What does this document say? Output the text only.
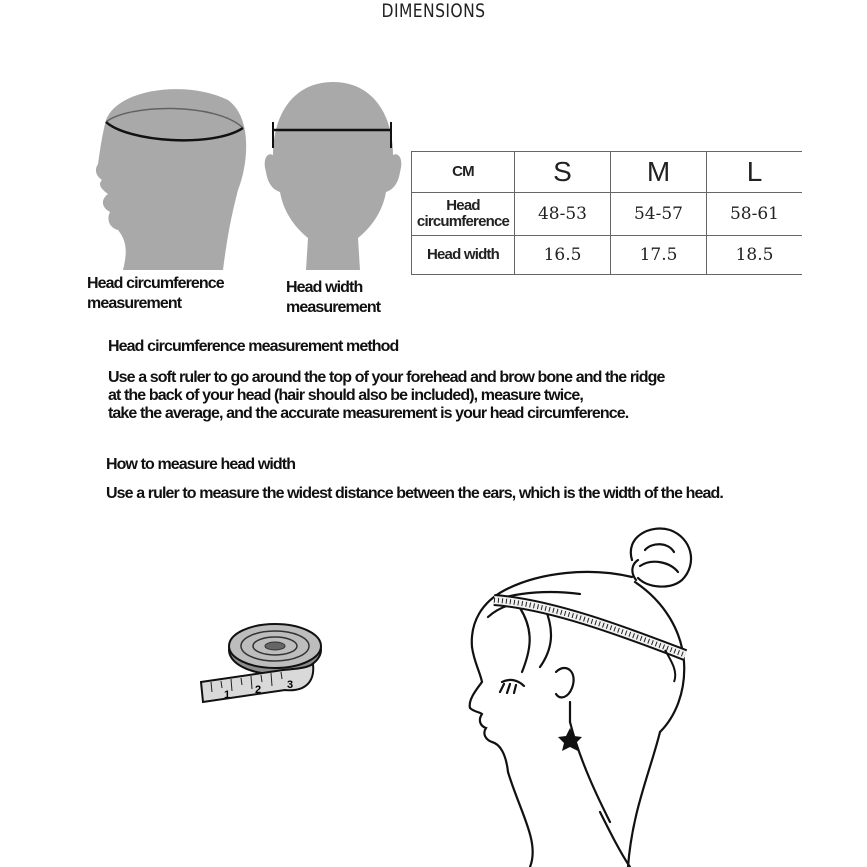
DIMENSIONS
Head circumference
measurement
Head width
measurement
CM	S	M	L

Head
circumference	48-53	54-57	58-61
Head width	16.5	17.5	18.5
Head circumference measurement method
Use a soft ruler to go around the top of your forehead and brow bone and the ridge
at the back of your head (hair should also be included), measure twice,
take the average, and the accurate measurement is your head circumference.
How to measure head width
Use a ruler to measure the widest distance between the ears, which is the width of the head.
1 2 3
